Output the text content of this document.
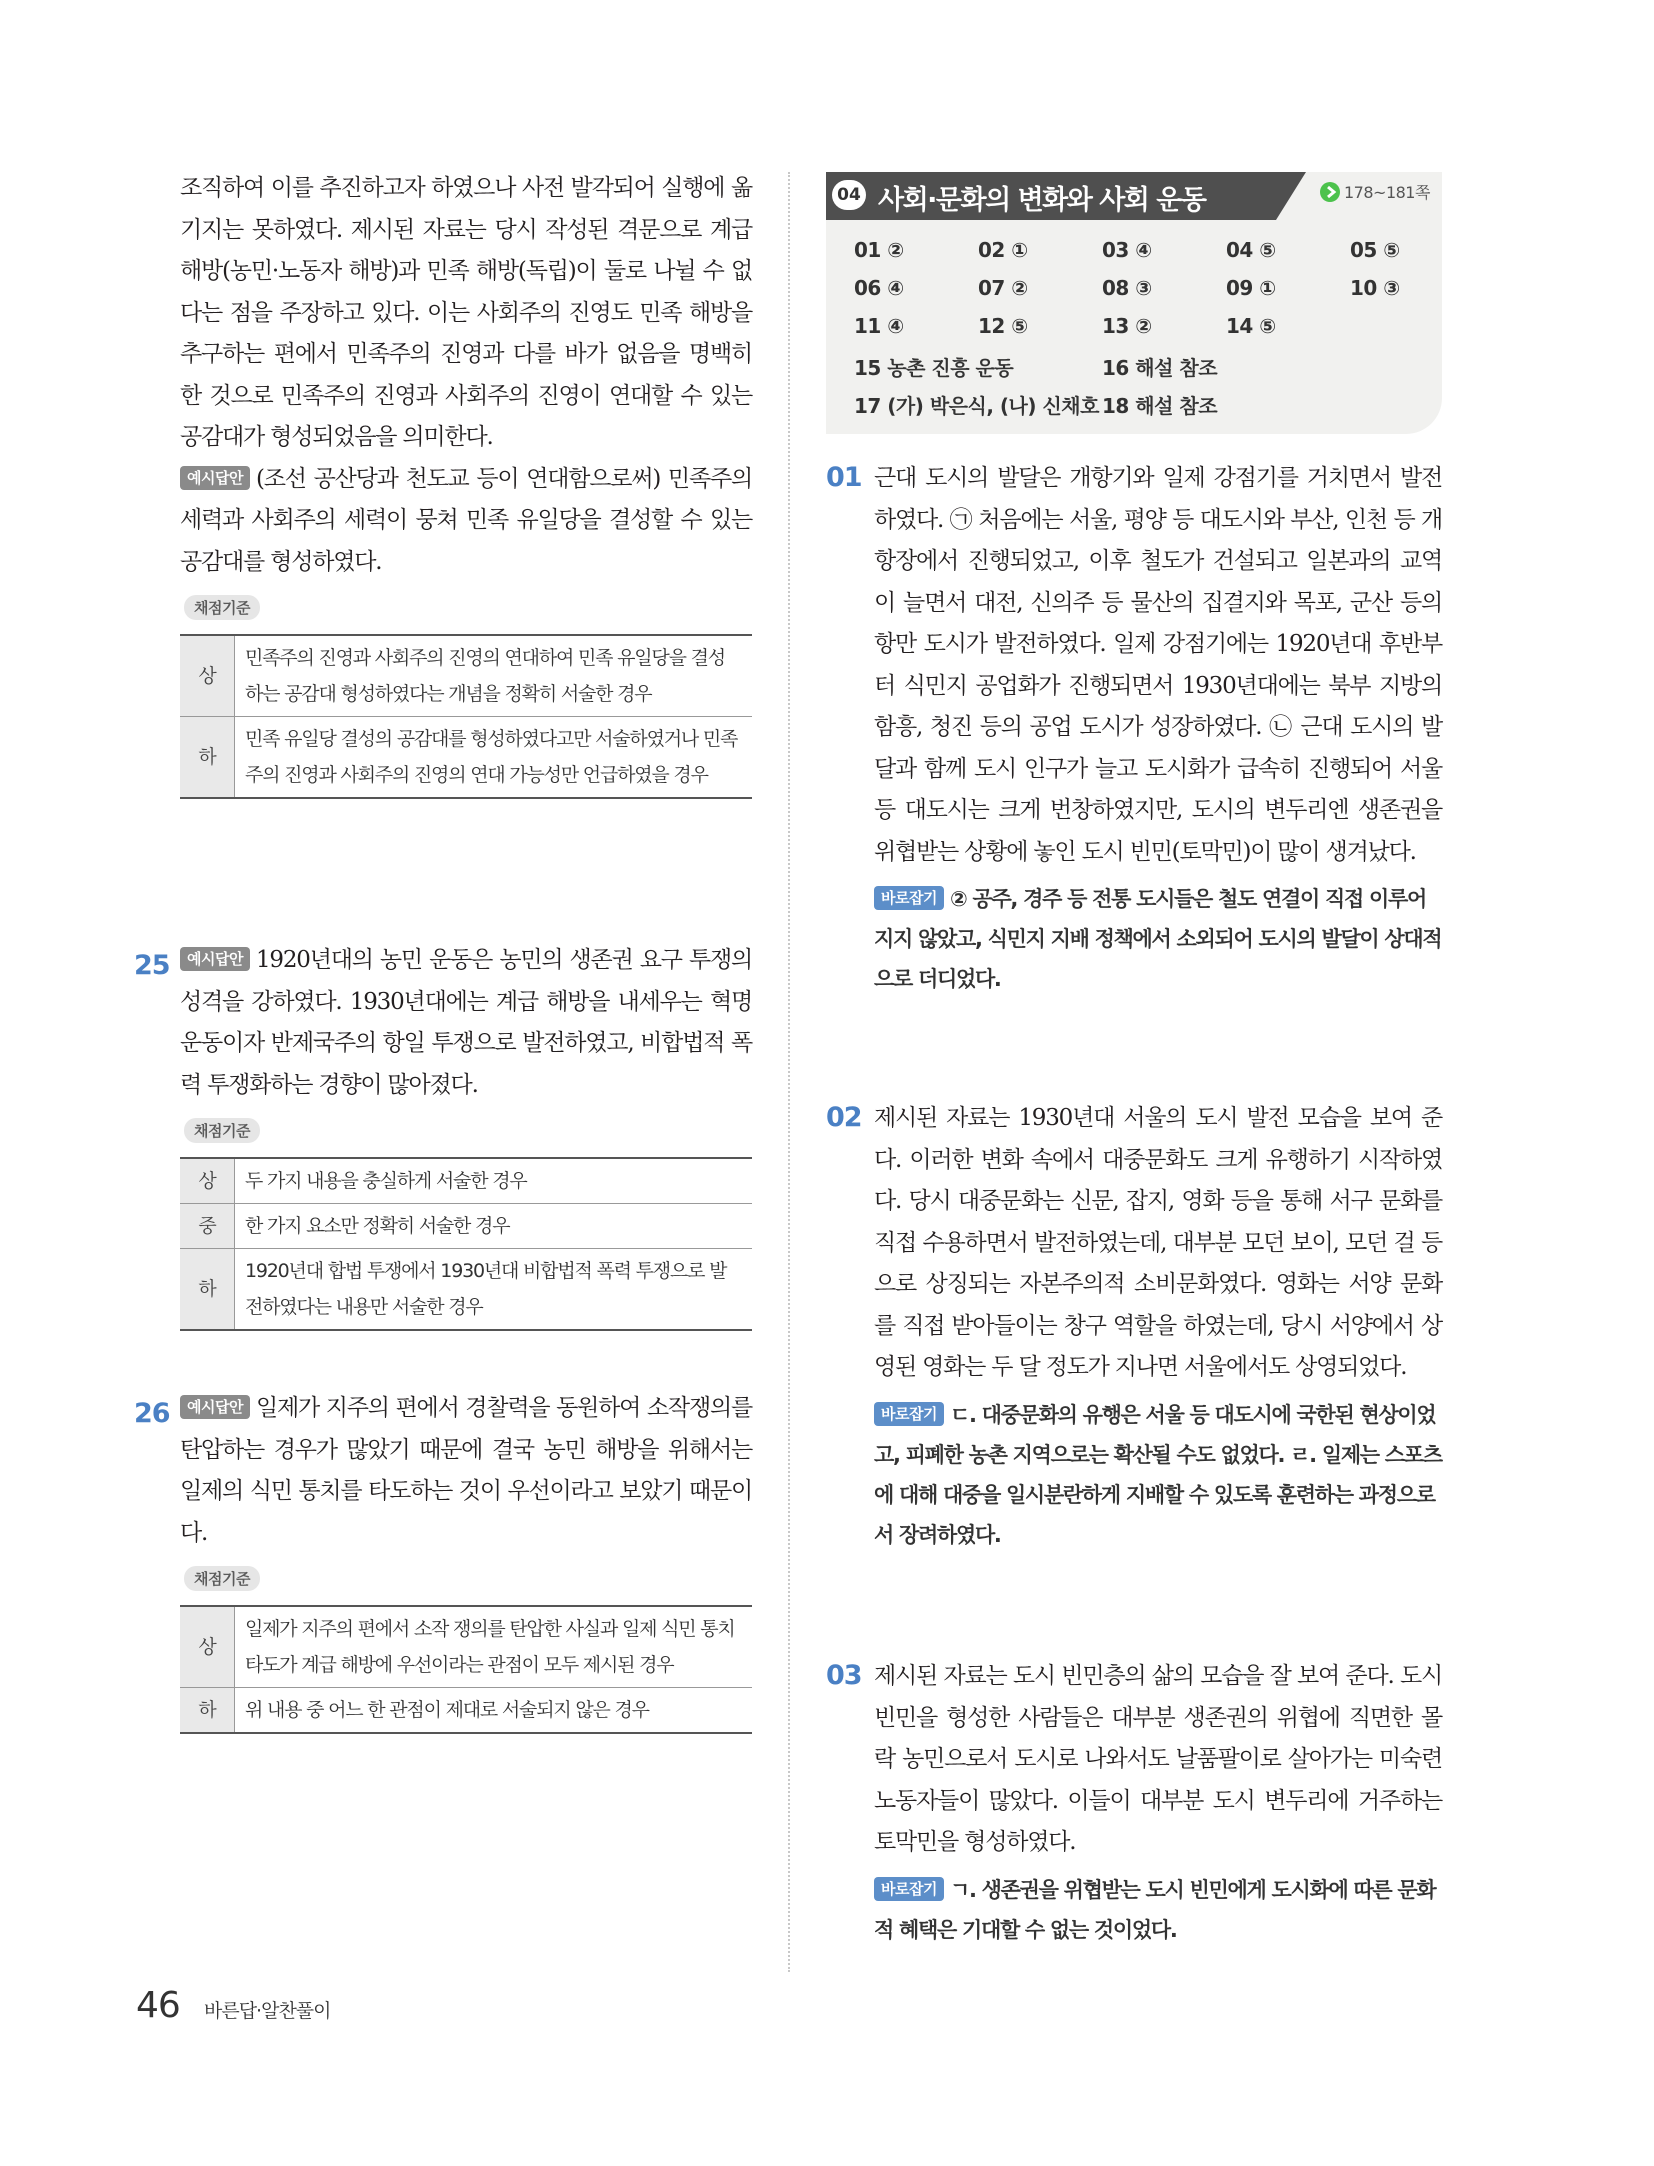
조직하여 이를 추진하고자 하였으나 사전 발각되어 실행에 옮기지는 못하였다. 제시된 자료는 당시 작성된 격문으로 계급 해방(농민·노동자 해방)과 민족 해방(독립)이 둘로 나뉠 수 없다는 점을 주장하고 있다. 이는 사회주의 진영도 민족 해방을 추구하는 편에서 민족주의 진영과 다를 바가 없음을 명백히 한 것으로 민족주의 진영과 사회주의 진영이 연대할 수 있는 공감대가 형성되었음을 의미한다.
예시답안 (조선 공산당과 천도교 등이 연대함으로써) 민족주의 세력과 사회주의 세력이 뭉쳐 민족 유일당을 결성할 수 있는 공감대를 형성하였다.
채점기준
상	민족주의 진영과 사회주의 진영의 연대하여 민족 유일당을 결성하는 공감대 형성하였다는 개념을 정확히 서술한 경우
하	민족 유일당 결성의 공감대를 형성하였다고만 서술하였거나 민족주의 진영과 사회주의 진영의 연대 가능성만 언급하였을 경우
25	예시답안 1920년대의 농민 운동은 농민의 생존권 요구 투쟁의 성격을 강하였다. 1930년대에는 계급 해방을 내세우는 혁명 운동이자 반제국주의 항일 투쟁으로 발전하였고, 비합법적 폭력 투쟁화하는 경향이 많아졌다.
채점기준
상	두 가지 내용을 충실하게 서술한 경우
중	한 가지 요소만 정확히 서술한 경우
하	1920년대 합법 투쟁에서 1930년대 비합법적 폭력 투쟁으로 발전하였다는 내용만 서술한 경우
26	예시답안 일제가 지주의 편에서 경찰력을 동원하여 소작쟁의를 탄압하는 경우가 많았기 때문에 결국 농민 해방을 위해서는 일제의 식민 통치를 타도하는 것이 우선이라고 보았기 때문이다.
채점기준
상	일제가 지주의 편에서 소작 쟁의를 탄압한 사실과 일제 식민 통치 타도가 계급 해방에 우선이라는 관점이 모두 제시된 경우
하	위 내용 중 어느 한 관점이 제대로 서술되지 않은 경우
04 사회·문화의 변화와 사회 운동	178~181쪽
01 ②	02 ①	03 ④	04 ⑤	05 ⑤
06 ④	07 ②	08 ③	09 ①	10 ③
11 ④	12 ⑤	13 ②	14 ⑤
15 농촌 진흥 운동	16 해설 참조
17 (가) 박은식, (나) 신채호 18 해설 참조
01 근대 도시의 발달은 개항기와 일제 강점기를 거치면서 발전하였다. ㉠ 처음에는 서울, 평양 등 대도시와 부산, 인천 등 개항장에서 진행되었고, 이후 철도가 건설되고 일본과의 교역이 늘면서 대전, 신의주 등 물산의 집결지와 목포, 군산 등의 항만 도시가 발전하였다. 일제 강점기에는 1920년대 후반부터 식민지 공업화가 진행되면서 1930년대에는 북부 지방의 함흥, 청진 등의 공업 도시가 성장하였다. ㉡ 근대 도시의 발달과 함께 도시 인구가 늘고 도시화가 급속히 진행되어 서울 등 대도시는 크게 번창하였지만, 도시의 변두리엔 생존권을 위협받는 상황에 놓인 도시 빈민(토막민)이 많이 생겨났다.
바로잡기 ② 공주, 경주 등 전통 도시들은 철도 연결이 직접 이루어지지 않았고, 식민지 지배 정책에서 소외되어 도시의 발달이 상대적으로 더디었다.
02 제시된 자료는 1930년대 서울의 도시 발전 모습을 보여 준다. 이러한 변화 속에서 대중문화도 크게 유행하기 시작하였다. 당시 대중문화는 신문, 잡지, 영화 등을 통해 서구 문화를 직접 수용하면서 발전하였는데, 대부분 모던 보이, 모던 걸 등으로 상징되는 자본주의적 소비문화였다. 영화는 서양 문화를 직접 받아들이는 창구 역할을 하였는데, 당시 서양에서 상영된 영화는 두 달 정도가 지나면 서울에서도 상영되었다.
바로잡기 ㄷ. 대중문화의 유행은 서울 등 대도시에 국한된 현상이었고, 피폐한 농촌 지역으로는 확산될 수도 없었다. ㄹ. 일제는 스포츠에 대해 대중을 일시분란하게 지배할 수 있도록 훈련하는 과정으로서 장려하였다.
03 제시된 자료는 도시 빈민층의 삶의 모습을 잘 보여 준다. 도시 빈민을 형성한 사람들은 대부분 생존권의 위협에 직면한 몰락 농민으로서 도시로 나와서도 날품팔이로 살아가는 미숙련 노동자들이 많았다. 이들이 대부분 도시 변두리에 거주하는 토막민을 형성하였다.
바로잡기 ㄱ. 생존권을 위협받는 도시 빈민에게 도시화에 따른 문화적 혜택은 기대할 수 없는 것이었다.
46 바른답·알찬풀이
